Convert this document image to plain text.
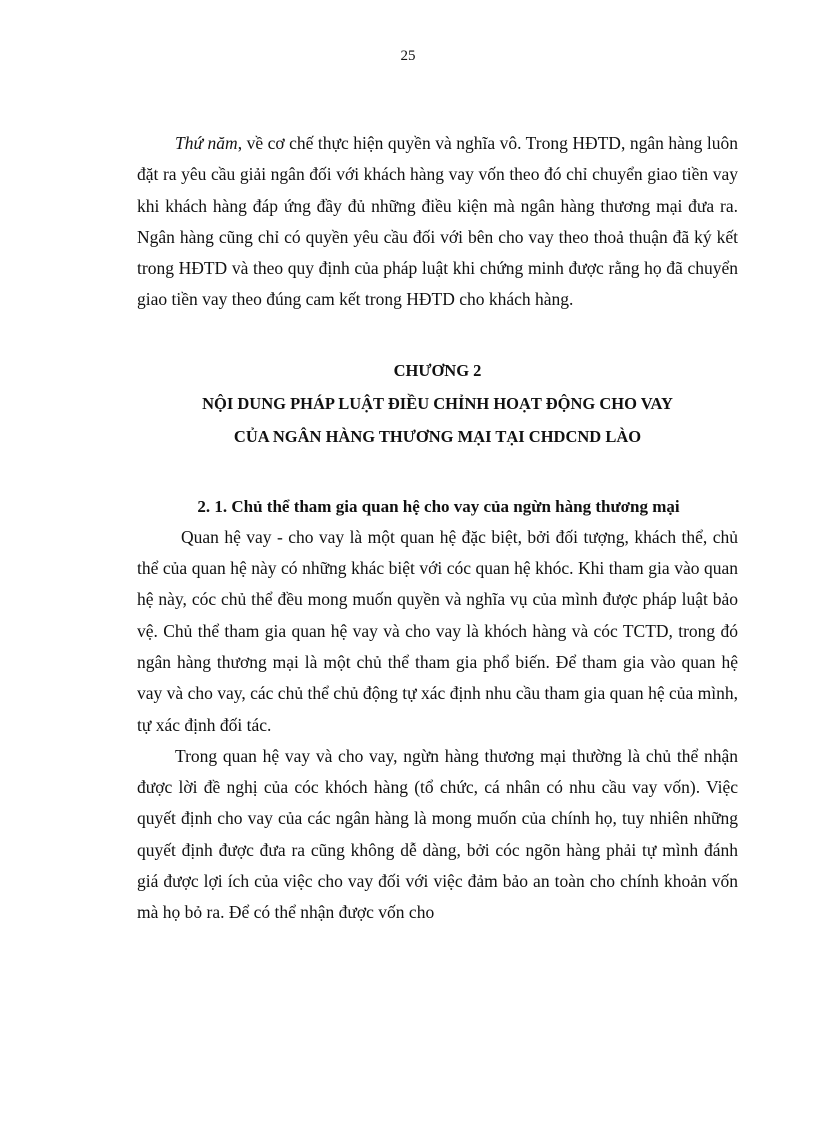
25

Thứ năm, về cơ chế thực hiện quyền và nghĩa vô. Trong HĐTD, ngân hàng luôn đặt ra yêu cầu giải ngân đối với khách hàng vay vốn theo đó chỉ chuyển giao tiền vay khi khách hàng đáp ứng đầy đủ những điều kiện mà ngân hàng thương mại đưa ra. Ngân hàng cũng chỉ có quyền yêu cầu đối với bên cho vay theo thoả thuận đã ký kết trong HĐTD và theo quy định của pháp luật khi chứng minh được rằng họ đã chuyển giao tiền vay theo đúng cam kết trong HĐTD cho khách hàng.

CHƯƠNG 2
NỘI DUNG PHÁP LUẬT ĐIỀU CHỈNH HOẠT ĐỘNG CHO VAY
CỦA NGÂN HÀNG THƯƠNG MẠI TẠI CHDCND LÀO
2. 1. Chủ thể tham gia quan hệ cho vay của ngừn hàng thương mại

Quan hệ vay - cho vay là một quan hệ đặc biệt, bởi đối tượng, khách thể, chủ thể của quan hệ này có những khác biệt với cóc quan hệ khóc. Khi tham gia vào quan hệ này, cóc chủ thể đều mong muốn quyền và nghĩa vụ của mình được pháp luật bảo vệ. Chủ thể tham gia quan hệ vay và cho vay là khóch hàng và cóc TCTD, trong đó ngân hàng thương mại là một chủ thể tham gia phổ biến. Để tham gia vào quan hệ vay và cho vay, các chủ thể chủ động tự xác định nhu cầu tham gia quan hệ của mình, tự xác định đối tác.

Trong quan hệ vay và cho vay, ngừn hàng thương mại thường là chủ thể nhận được lời đề nghị của cóc khóch hàng (tổ chức, cá nhân có nhu cầu vay vốn). Việc quyết định cho vay của các ngân hàng là mong muốn của chính họ, tuy nhiên những quyết định được đưa ra cũng không dễ dàng, bởi cóc ngõn hàng phải tự mình đánh giá được lợi ích của việc cho vay đối với việc đảm bảo an toàn cho chính khoản vốn mà họ bỏ ra. Để có thể nhận được vốn cho
